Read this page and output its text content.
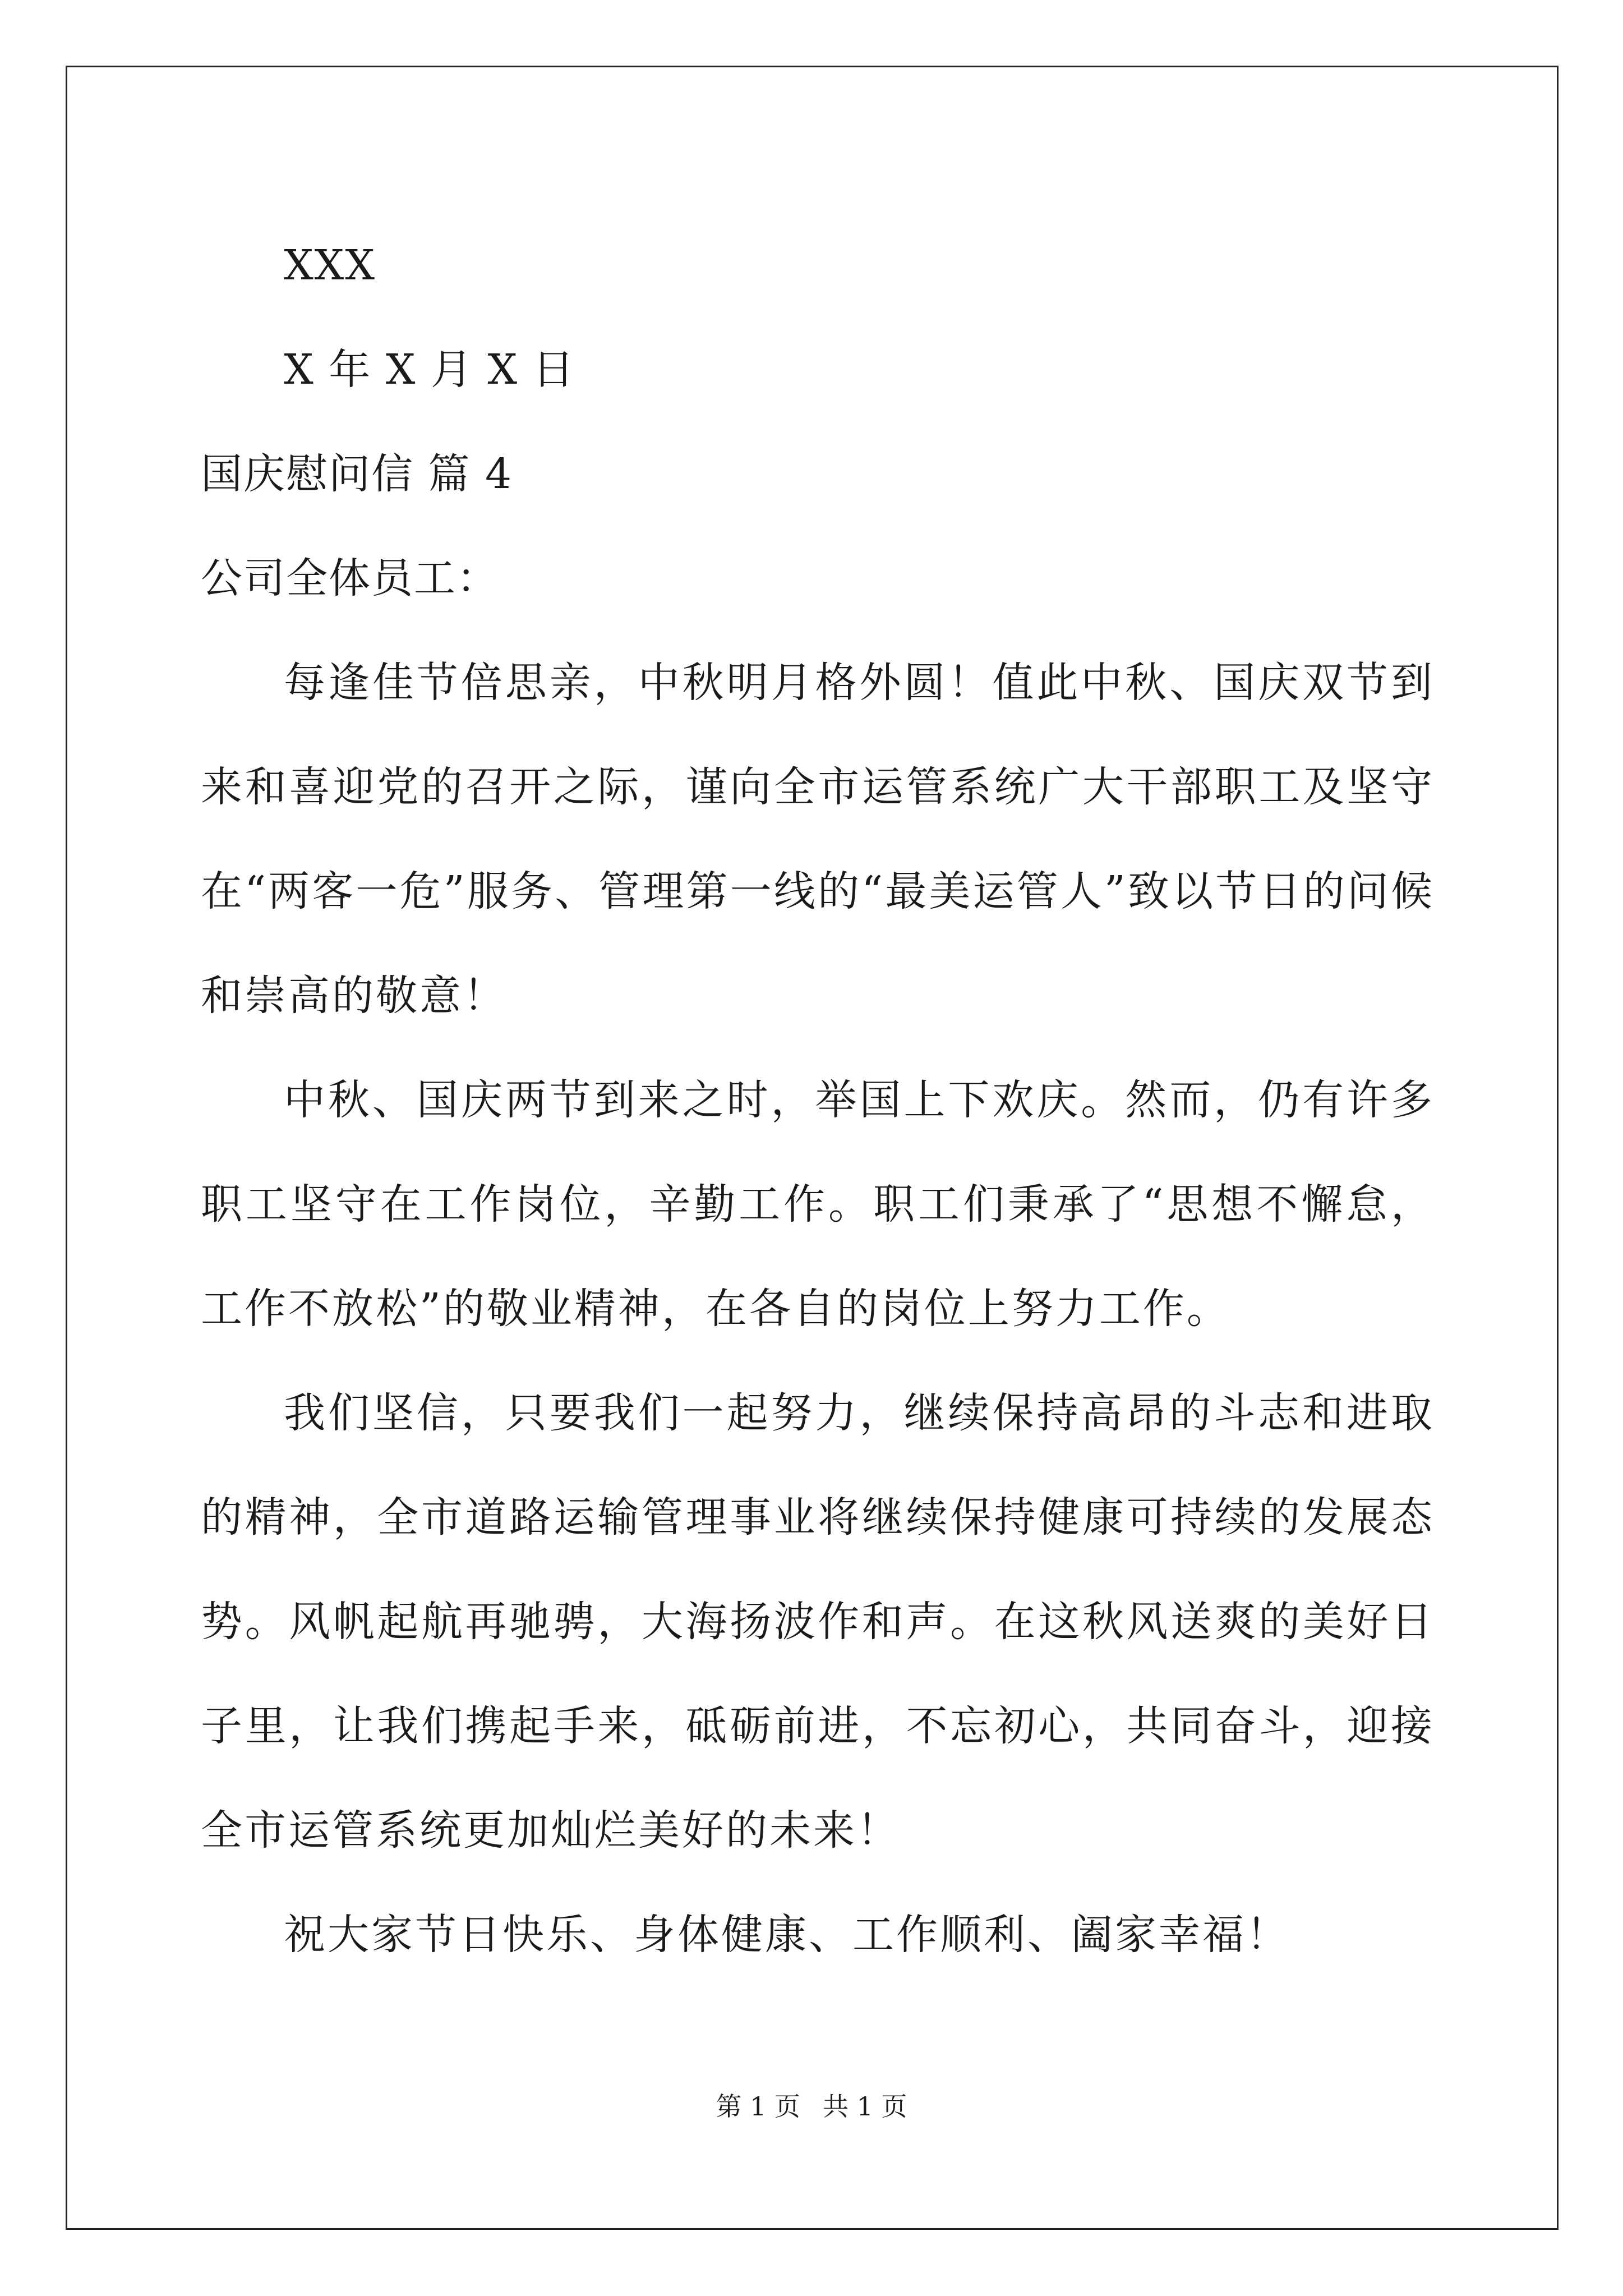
XXX
X 年 X 月 X 日
国庆慰问信 篇 4
公司全体员工：
每逢佳节倍思亲，中秋明月格外圆！值此中秋、国庆双节到来和喜迎党的召开之际，谨向全市运管系统广大干部职工及坚守在“两客一危”服务、管理第一线的“最美运管人”致以节日的问候和崇高的敬意！
中秋、国庆两节到来之时，举国上下欢庆。然而，仍有许多职工坚守在工作岗位，辛勤工作。职工们秉承了“思想不懈怠，工作不放松”的敬业精神，在各自的岗位上努力工作。
我们坚信，只要我们一起努力，继续保持高昂的斗志和进取的精神，全市道路运输管理事业将继续保持健康可持续的发展态势。风帆起航再驰骋，大海扬波作和声。在这秋风送爽的美好日子里，让我们携起手来，砥砺前进，不忘初心，共同奋斗，迎接全市运管系统更加灿烂美好的未来！
祝大家节日快乐、身体健康、工作顺利、阖家幸福！
第 1 页 共 1 页
